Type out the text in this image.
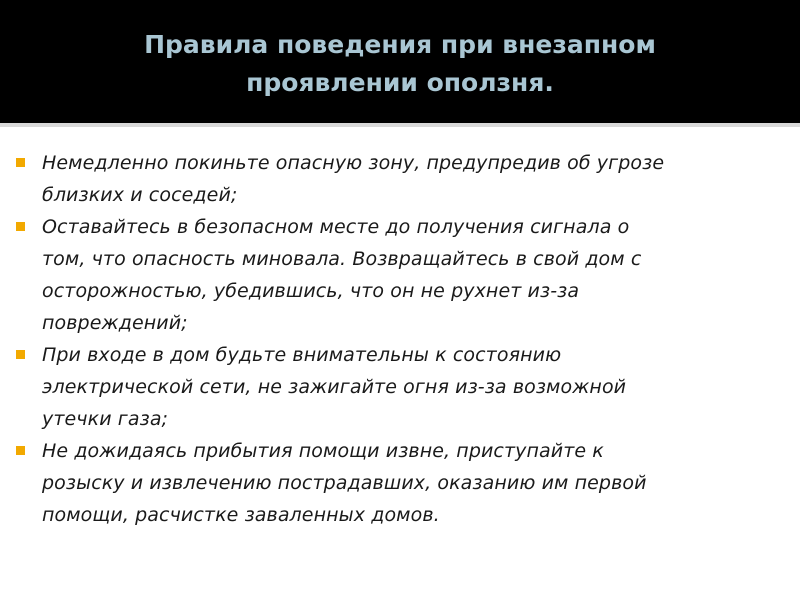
Правила поведения при внезапном
проявлении оползня.
Немедленно покиньте опасную зону, предупредив об угрозе
близких и соседей;
Оставайтесь в безопасном месте до получения сигнала о
том, что опасность миновала. Возвращайтесь в свой дом с
осторожностью, убедившись, что он не рухнет из-за
повреждений;
При входе в дом будьте внимательны к состоянию
электрической сети, не зажигайте огня из-за возможной
утечки газа;
Не дожидаясь прибытия помощи извне, приступайте к
розыску и извлечению пострадавших, оказанию им первой
помощи, расчистке заваленных домов.
